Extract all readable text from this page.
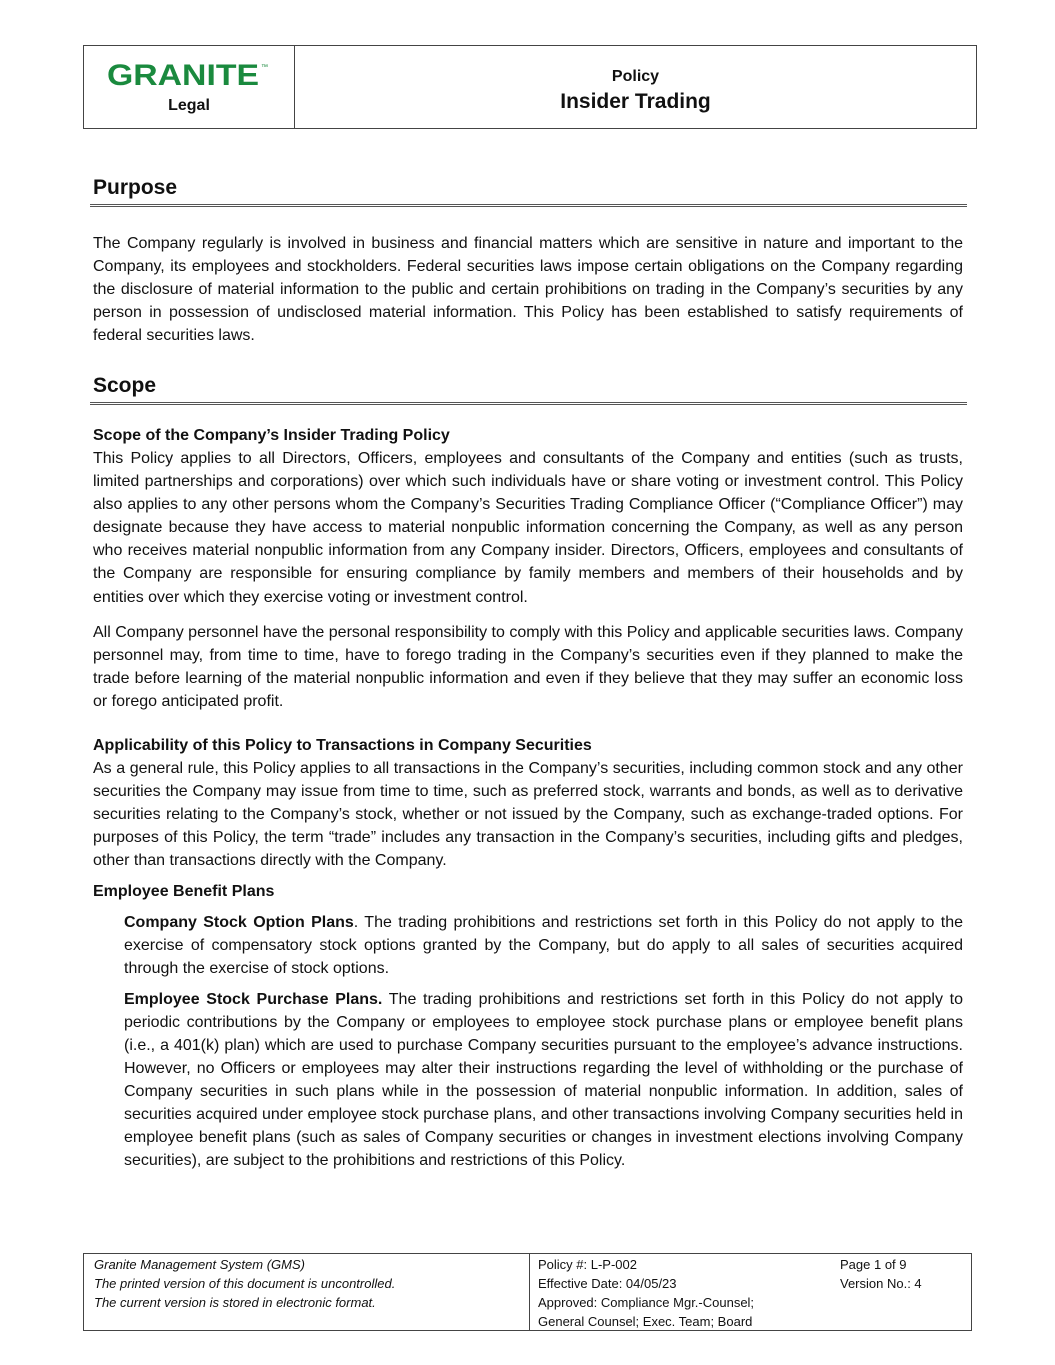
GRANITE ™
Legal
Policy
Insider Trading
Purpose

The Company regularly is involved in business and financial matters which are sensitive in nature and important to the Company, its employees and stockholders. Federal securities laws impose certain obligations on the Company regarding the disclosure of material information to the public and certain prohibitions on trading in the Company’s securities by any person in possession of undisclosed material information. This Policy has been established to satisfy requirements of federal securities laws.

Scope
Scope of the Company’s Insider Trading Policy

This Policy applies to all Directors, Officers, employees and consultants of the Company and entities (such as trusts, limited partnerships and corporations) over which such individuals have or share voting or investment control. This Policy also applies to any other persons whom the Company’s Securities Trading Compliance Officer (“Compliance Officer”) may designate because they have access to material nonpublic information concerning the Company, as well as any person who receives material nonpublic information from any Company insider. Directors, Officers, employees and consultants of the Company are responsible for ensuring compliance by family members and members of their households and by entities over which they exercise voting or investment control.

All Company personnel have the personal responsibility to comply with this Policy and applicable securities laws. Company personnel may, from time to time, have to forego trading in the Company’s securities even if they planned to make the trade before learning of the material nonpublic information and even if they believe that they may suffer an economic loss or forego anticipated profit.

Applicability of this Policy to Transactions in Company Securities

As a general rule, this Policy applies to all transactions in the Company’s securities, including common stock and any other securities the Company may issue from time to time, such as preferred stock, warrants and bonds, as well as to derivative securities relating to the Company’s stock, whether or not issued by the Company, such as exchange-traded options. For purposes of this Policy, the term “trade” includes any transaction in the Company’s securities, including gifts and pledges, other than transactions directly with the Company.

Employee Benefit Plans

Company Stock Option Plans. The trading prohibitions and restrictions set forth in this Policy do not apply to the exercise of compensatory stock options granted by the Company, but do apply to all sales of securities acquired through the exercise of stock options.

Employee Stock Purchase Plans. The trading prohibitions and restrictions set forth in this Policy do not apply to periodic contributions by the Company or employees to employee stock purchase plans or employee benefit plans (i.e., a 401(k) plan) which are used to purchase Company securities pursuant to the employee’s advance instructions. However, no Officers or employees may alter their instructions regarding the level of withholding or the purchase of Company securities in such plans while in the possession of material nonpublic information. In addition, sales of securities acquired under employee stock purchase plans, and other transactions involving Company securities held in employee benefit plans (such as sales of Company securities or changes in investment elections involving Company securities), are subject to the prohibitions and restrictions of this Policy.

Granite Management System (GMS)
The printed version of this document is uncontrolled.
The current version is stored in electronic format.
Policy #: L-P-002
Effective Date: 04/05/23
Approved: Compliance Mgr.-Counsel;
General Counsel; Exec. Team; Board
Page 1 of 9
Version No.: 4
